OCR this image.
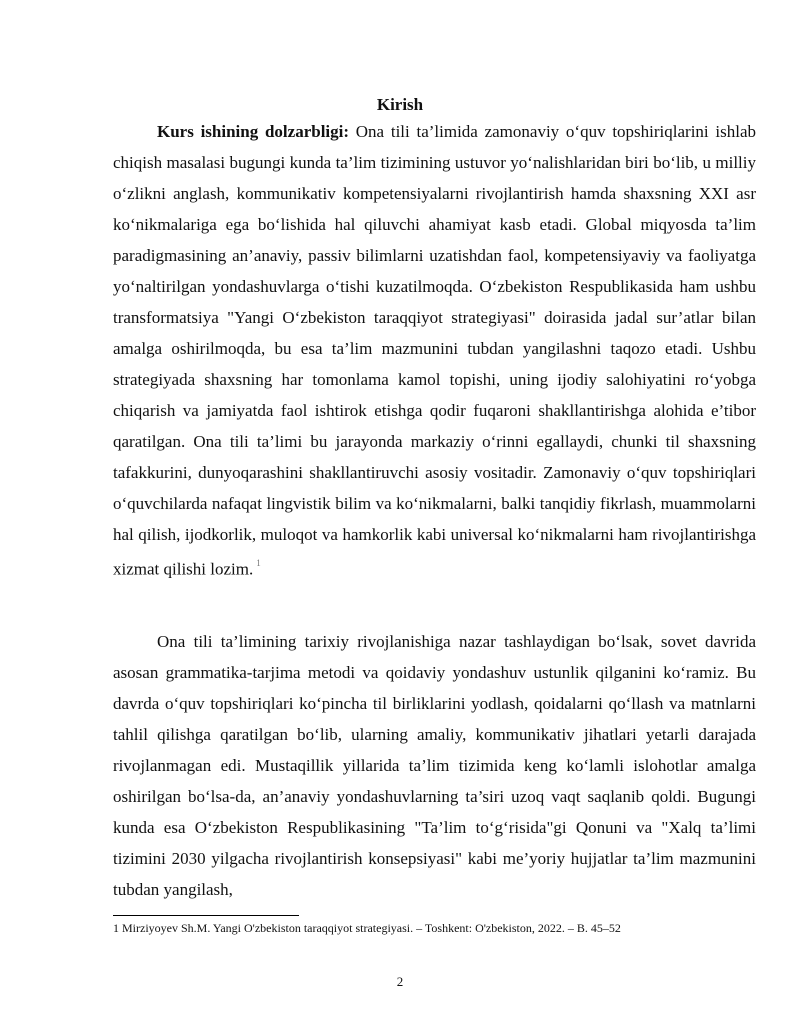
Kirish

Kurs ishining dolzarbligi: Ona tili ta’limida zamonaviy o‘quv topshiriqlarini ishlab chiqish masalasi bugungi kunda ta’lim tizimining ustuvor yo‘nalishlaridan biri bo‘lib, u milliy o‘zlikni anglash, kommunikativ kompetensiyalarni rivojlantirish hamda shaxsning XXI asr ko‘nikmalariga ega bo‘lishida hal qiluvchi ahamiyat kasb etadi. Global miqyosda ta’lim paradigmasining an’anaviy, passiv bilimlarni uzatishdan faol, kompetensiyaviy va faoliyatga yo‘naltirilgan yondashuvlarga o‘tishi kuzatilmoqda. O‘zbekiston Respublikasida ham ushbu transformatsiya "Yangi O‘zbekiston taraqqiyot strategiyasi" doirasida jadal sur’atlar bilan amalga oshirilmoqda, bu esa ta’lim mazmunini tubdan yangilashni taqozo etadi. Ushbu strategiyada shaxsning har tomonlama kamol topishi, uning ijodiy salohiyatini ro‘yobga chiqarish va jamiyatda faol ishtirok etishga qodir fuqaroni shakllantirishga alohida e’tibor qaratilgan. Ona tili ta’limi bu jarayonda markaziy o‘rinni egallaydi, chunki til shaxsning tafakkurini, dunyoqarashini shakllantiruvchi asosiy vositadir. Zamonaviy o‘quv topshiriqlari o‘quvchilarda nafaqat lingvistik bilim va ko‘nikmalarni, balki tanqidiy fikrlash, muammolarni hal qilish, ijodkorlik, muloqot va hamkorlik kabi universal ko‘nikmalarni ham rivojlantirishga xizmat qilishi lozim. $^1$

Ona tili ta’limining tarixiy rivojlanishiga nazar tashlaydigan bo‘lsak, sovet davrida asosan grammatika-tarjima metodi va qoidaviy yondashuv ustunlik qilganini ko‘ramiz. Bu davrda o‘quv topshiriqlari ko‘pincha til birliklarini yodlash, qoidalarni qo‘llash va matnlarni tahlil qilishga qaratilgan bo‘lib, ularning amaliy, kommunikativ jihatlari yetarli darajada rivojlanmagan edi. Mustaqillik yillarida ta’lim tizimida keng ko‘lamli islohotlar amalga oshirilgan bo‘lsa-da, an’anaviy yondashuvlarning ta’siri uzoq vaqt saqlanib qoldi. Bugungi kunda esa O‘zbekiston Respublikasining "Ta’lim to‘g‘risida"gi Qonuni va "Xalq ta’limi tizimini 2030 yilgacha rivojlantirish konsepsiyasi" kabi me’yoriy hujjatlar ta’lim mazmunini tubdan yangilash,

1 Mirziyoyev Sh.M. Yangi O'zbekiston taraqqiyot strategiyasi. – Toshkent: O'zbekiston, 2022. – B. 45–52
2
